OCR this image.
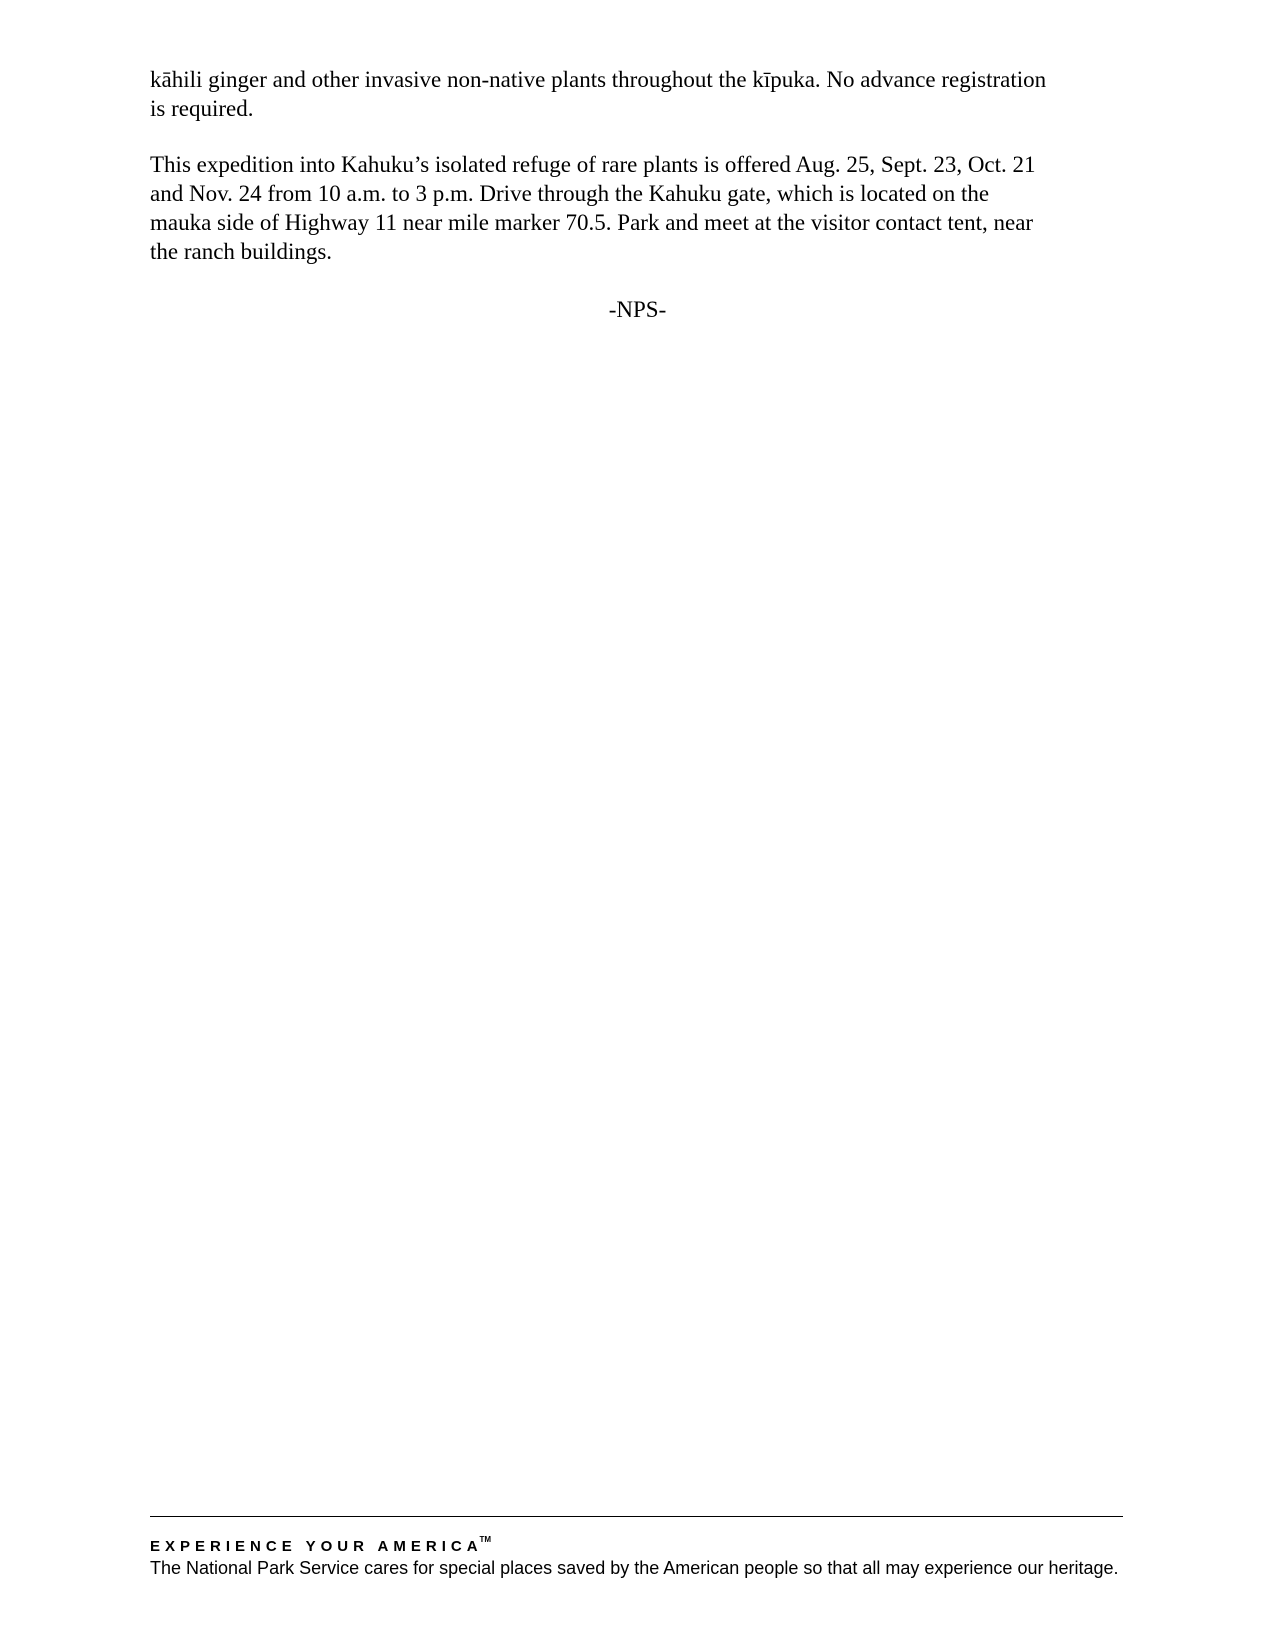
kāhili ginger and other invasive non-native plants throughout the kīpuka. No advance registration
is required.

This expedition into Kahuku’s isolated refuge of rare plants is offered Aug. 25, Sept. 23, Oct. 21
and Nov. 24 from 10 a.m. to 3 p.m. Drive through the Kahuku gate, which is located on the
mauka side of Highway 11 near mile marker 70.5. Park and meet at the visitor contact tent, near
the ranch buildings.

-NPS-

EXPERIENCE YOUR AMERICA™

The National Park Service cares for special places saved by the American people so that all may experience our heritage.
